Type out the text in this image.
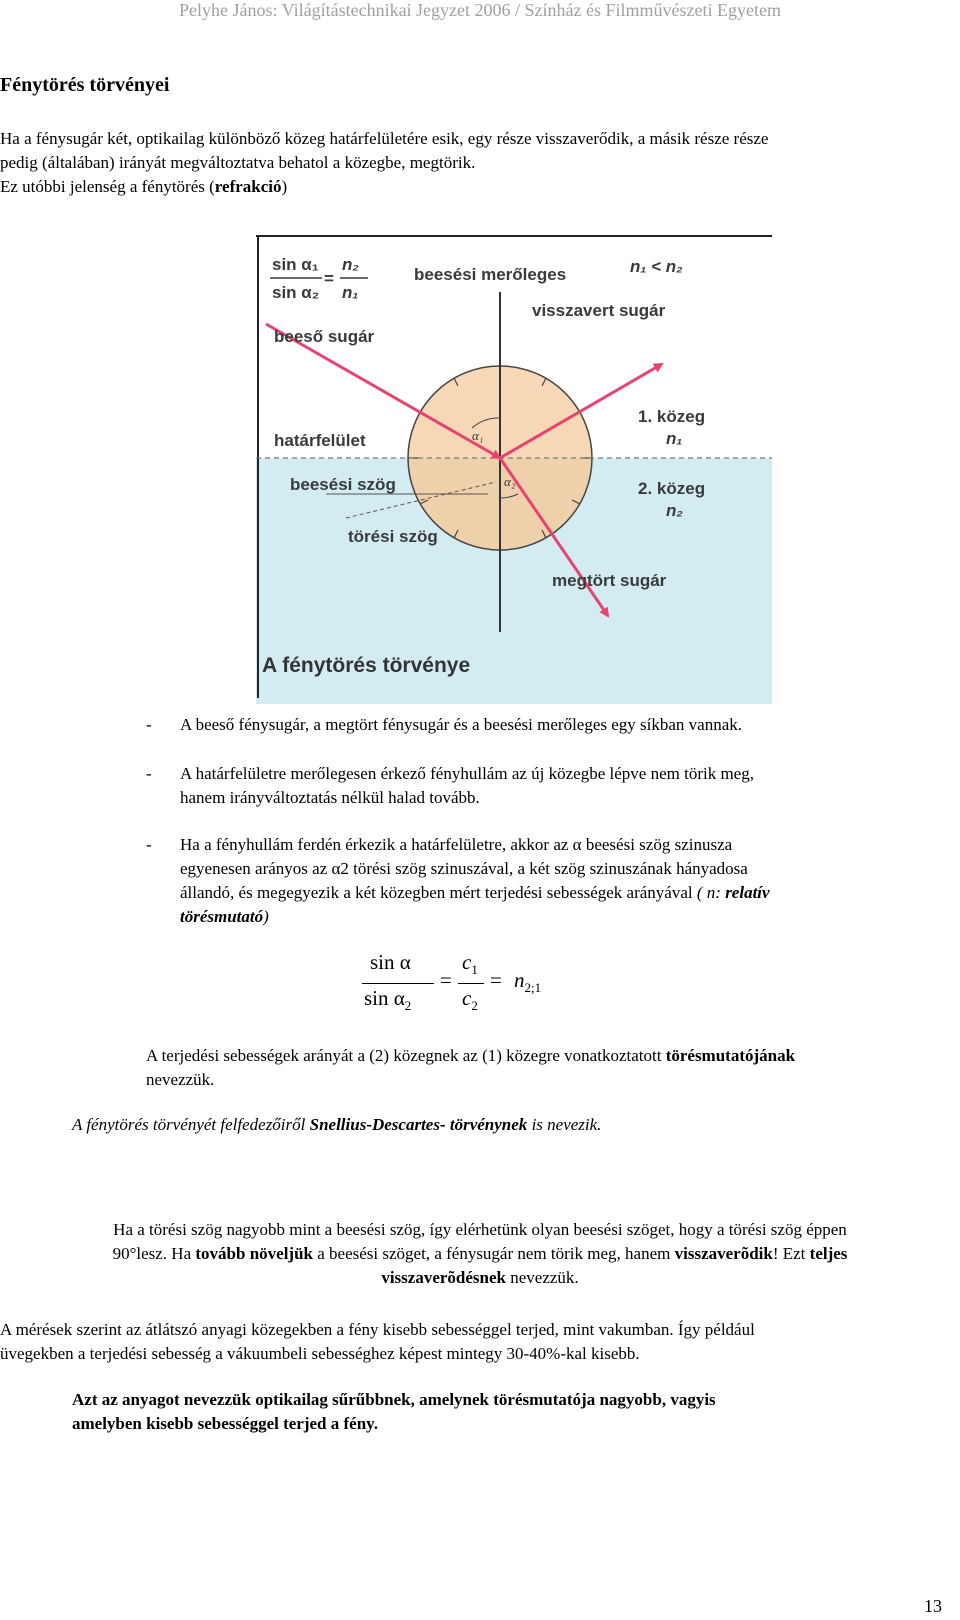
Pelyhe János: Világítástechnikai Jegyzet 2006 / Színház és Filmművészeti Egyetem
Fénytörés törvényei
Ha a fénysugár két, optikailag különböző közeg határfelületére esik, egy része visszaverődik, a másik része része
pedig (általában) irányát megváltoztatva behatol a közegbe, megtörik.
Ez utóbbi jelenség a fénytörés (refrakció)
sin α₁ n₂
=
sin α₂ n₁
beesési merőleges	n₁ < n₂
visszavert sugár
beeső sugár
1. közeg
n₁
határfelület
beesési szög	2. közeg
n₂
törési szög
megtört sugár
α₁
α₂
A fénytörés törvénye
- A beeső fénysugár, a megtört fénysugár és a beesési merőleges egy síkban vannak.
- A határfelületre merőlegesen érkező fényhullám az új közegbe lépve nem törik meg,
hanem irányváltoztatás nélkül halad tovább.
- Ha a fényhullám ferdén érkezik a határfelületre, akkor az α beesési szög szinusza
egyenesen arányos az α2 törési szög szinuszával, a két szög szinuszának hányadosa
állandó, és megegyezik a két közegben mért terjedési sebességek arányával ( n: relatív
törésmutató)
sin α
$\sin \alpha_2$
=
$c_1$
$c_2$
= $n_{2;1}$
A terjedési sebességek arányát a (2) közegnek az (1) közegre vonatkoztatott törésmutatójának
nevezzük.
A fénytörés törvényét felfedezőiről Snellius-Descartes- törvénynek is nevezik.
Ha a törési szög nagyobb mint a beesési szög, így elérhetünk olyan beesési szöget, hogy a törési szög éppen
90°lesz. Ha tovább növeljük a beesési szöget, a fénysugár nem törik meg, hanem visszaverõdik! Ezt teljes
visszaverõdésnek nevezzük.
A mérések szerint az átlátszó anyagi közegekben a fény kisebb sebességgel terjed, mint vakumban. Így például
üvegekben a terjedési sebesség a vákuumbeli sebességhez képest mintegy 30-40%-kal kisebb.
Azt az anyagot nevezzük optikailag sűrűbbnek, amelynek törésmutatója nagyobb, vagyis
amelyben kisebb sebességgel terjed a fény.
13
